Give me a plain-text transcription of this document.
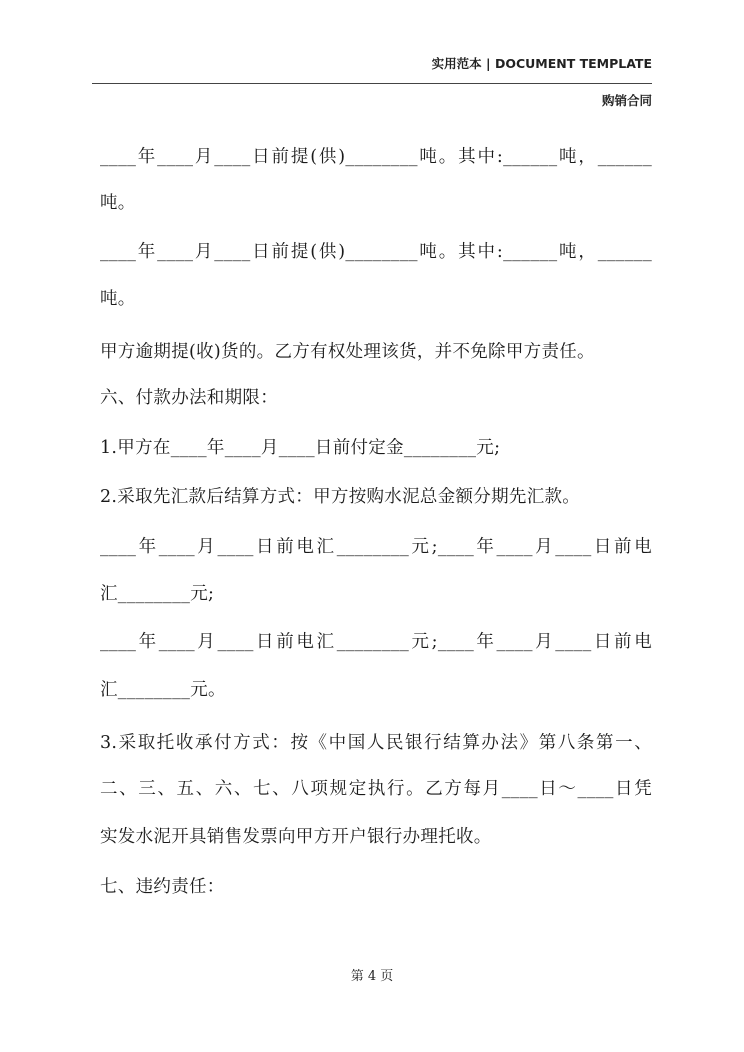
实用范本 | DOCUMENT TEMPLATE
购销合同
____年____月____日前提(供)________吨。其中:______吨，______
吨。
____年____月____日前提(供)________吨。其中:______吨，______
吨。
甲方逾期提(收)货的。乙方有权处理该货，并不免除甲方责任。
六、付款办法和期限：
1.甲方在____年____月____日前付定金________元;
2.采取先汇款后结算方式：甲方按购水泥总金额分期先汇款。
____年____月____日前电汇________元;____年____月____日前电
汇________元;
____年____月____日前电汇________元;____年____月____日前电
汇________元。
3.采取托收承付方式：按《中国人民银行结算办法》第八条第一、
二、三、五、六、七、八项规定执行。乙方每月____日～____日凭
实发水泥开具销售发票向甲方开户银行办理托收。
七、违约责任：
第 4 页
